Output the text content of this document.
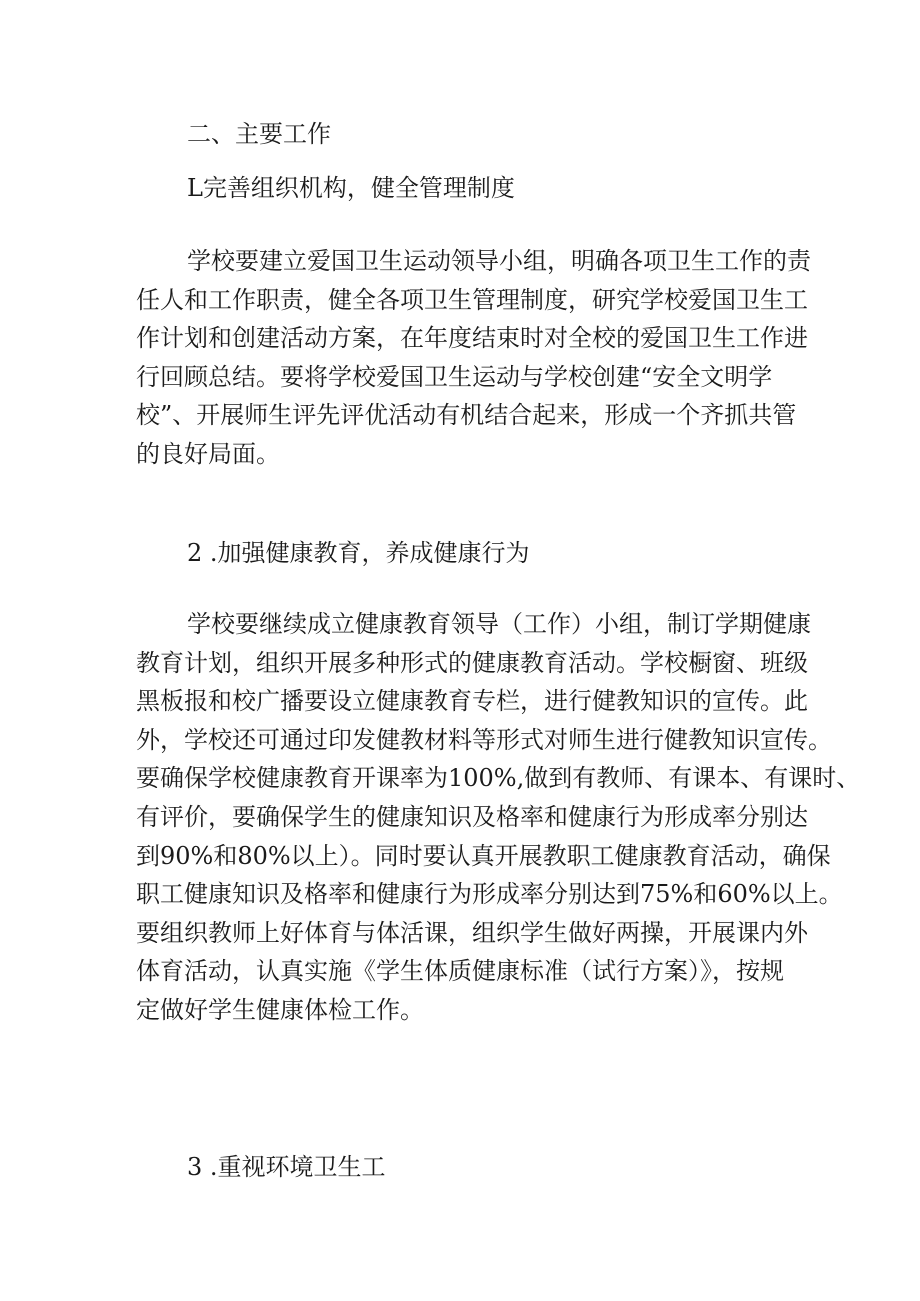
二、主要工作
L完善组织机构，健全管理制度
学校要建立爱国卫生运动领导小组，明确各项卫生工作的责
任人和工作职责，健全各项卫生管理制度，研究学校爱国卫生工
作计划和创建活动方案，在年度结束时对全校的爱国卫生工作进
行回顾总结。要将学校爱国卫生运动与学校创建“安全文明学
校”、开展师生评先评优活动有机结合起来，形成一个齐抓共管
的良好局面。
2 .加强健康教育，养成健康行为
学校要继续成立健康教育领导（工作）小组，制订学期健康
教育计划，组织开展多种形式的健康教育活动。学校橱窗、班级
黑板报和校广播要设立健康教育专栏，进行健教知识的宣传。此
外，学校还可通过印发健教材料等形式对师生进行健教知识宣传。
要确保学校健康教育开课率为100%,做到有教师、有课本、有课时、
有评价，要确保学生的健康知识及格率和健康行为形成率分别达
到90%和80%以上）。同时要认真开展教职工健康教育活动，确保
职工健康知识及格率和健康行为形成率分别达到75%和60%以上。
要组织教师上好体育与体活课，组织学生做好两操，开展课内外
体育活动，认真实施《学生体质健康标准（试行方案）》，按规
定做好学生健康体检工作。
3 .重视环境卫生工
